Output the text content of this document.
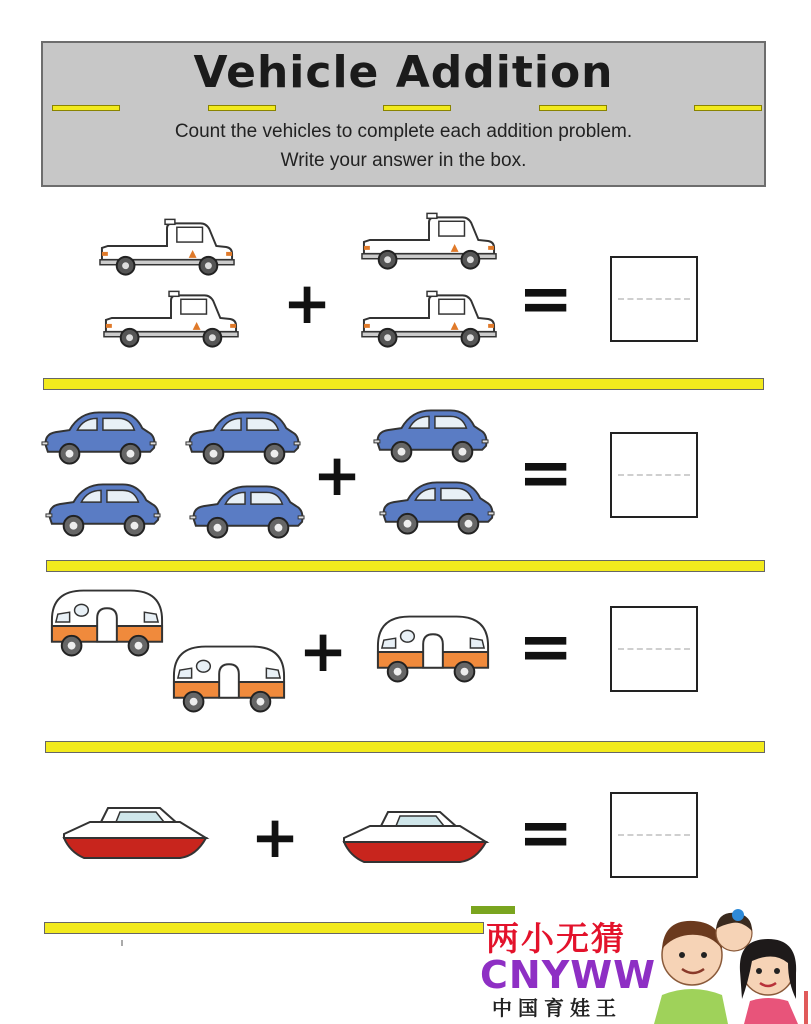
Vehicle Addition
Count the vehicles to complete each addition problem.
Write your answer in the box.
+	=
+ =
+	=
+	=
两小无猜
CNYWW
中国育娃王
